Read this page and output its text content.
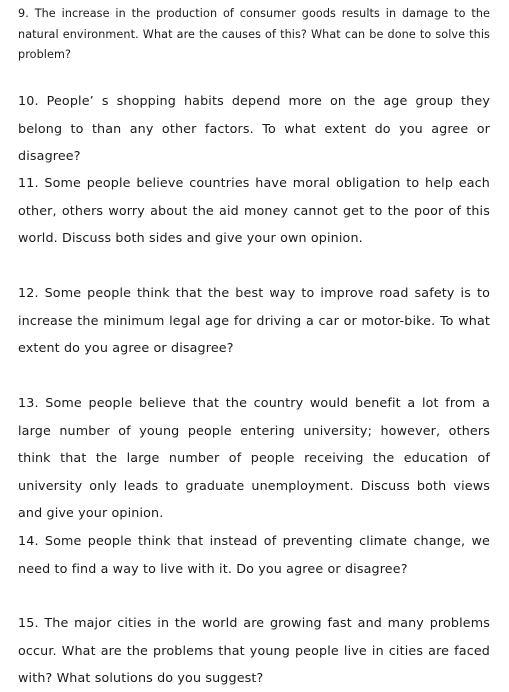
9. The increase in the production of consumer goods results in damage to the natural environment. What are the causes of this? What can be done to solve this problem?

10. People’ s shopping habits depend more on the age group they belong to than any other factors. To what extent do you agree or disagree?

11. Some people believe countries have moral obligation to help each other, others worry about the aid money cannot get to the poor of this world. Discuss both sides and give your own opinion.

12. Some people think that the best way to improve road safety is to increase the minimum legal age for driving a car or motor-bike. To what extent do you agree or disagree?

13. Some people believe that the country would benefit a lot from a large number of young people entering university; however, others think that the large number of people receiving the education of university only leads to graduate unemployment. Discuss both views and give your opinion.

14. Some people think that instead of preventing climate change, we need to find a way to live with it. Do you agree or disagree?

15. The major cities in the world are growing fast and many problems occur. What are the problems that young people live in cities are faced with? What solutions do you suggest?
